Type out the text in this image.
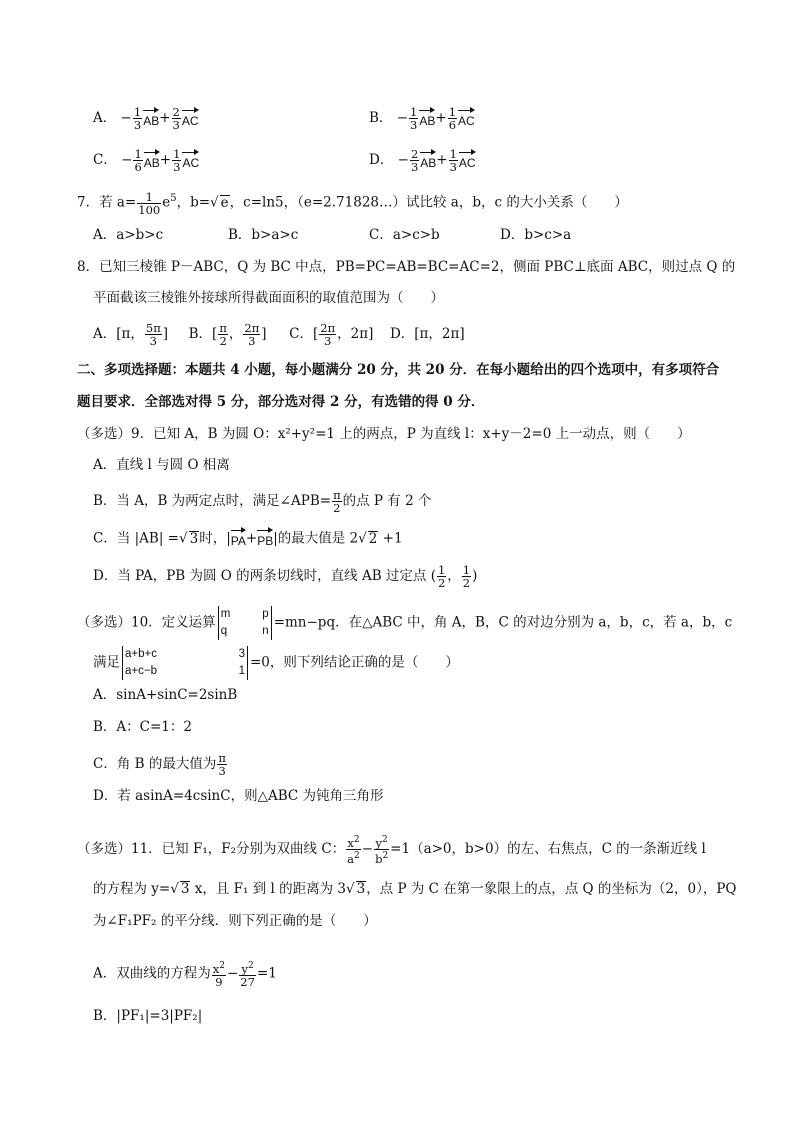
A． − $\frac{1}{3} AB+ \frac{2}{3}$ AC	B． − $\frac{1}{3} AB+ \frac{1}{6}$ AC
C． − $\frac{1}{6} AB+ \frac{1}{3}$ AC	D． − $\frac{2}{3} AB+ \frac{1}{3}$ AC
7．若 $a= \frac{1}{100} e^5$，b=√ e，c=ln5，（e=2.71828…）试比较 a，b，c 的大小关系（　　）
A．a>b>c	B．b>a>c	C．a>c>b	D．b>c>a
8．已知三棱锥 P－ABC，Q 为 BC 中点，PB=PC=AB=BC=AC=2，侧面 PBC⊥底面 ABC，则过点 Q 的
平面截该三棱锥外接球所得截面面积的取值范围为（　　）
A．[π， $\frac{5\pi}{3}$ ] B．[ $\frac{\pi}{2}$ ， $\frac{2\pi}{3}$ ] C．[ $\frac{2\pi}{3}$ ，2π] D．[π，2π]
二、多项选择题：本题共 4 小题，每小题满分 20 分，共 20 分．在每小题给出的四个选项中，有多项符合
题目要求．全部选对得 5 分，部分选对得 2 分，有选错的得 0 分．
（多选）9．已知 A，B 为圆 O：x²+y²=1 上的两点，P 为直线 l：x+y－2=0 上一动点，则（　　）
A．直线 l 与圆 O 相离
B．当 A，B 为两定点时，满足∠APB= $\frac{\pi}{2}$ 的点 P 有 2 个
C．当 |AB| =√ 3时，|PA+PB|的最大值是 2√ 2 +1
D．当 PA，PB 为圆 O 的两条切线时，直线 AB 过定点 ( $\frac{1}{2}$ ， $\frac{1}{2}$ )
（多选）10．定义运算
m	p
q	n
=mn−pq．在△ABC 中，角 A，B，C 的对边分别为 a，b，c，若 a，b，c
满足
a+b+c	3
a+c−b	1
=0，则下列结论正确的是（　　）
A．sinA+sinC=2sinB
B．A：C=1：2
C．角 B 的最大值为 $\frac{\pi}{3}$
D．若 asinA=4csinC，则△ABC 为钝角三角形
（多选）11．已知 F₁，F₂分别为双曲线 C： $\frac{x^2}{a^2} - \frac{y^2}{b^2} =1(a>0$，b>0）的左、右焦点，C 的一条渐近线 l
的方程为 y=√ 3 x，且 F₁ 到 l 的距离为 3√ 3，点 P 为 C 在第一象限上的点，点 Q 的坐标为（2，0），PQ
为∠F₁PF₂ 的平分线．则下列正确的是（　　）
A．双曲线的方程为 $\frac{x^2}{9} - \frac{y^2}{27} =1$
B．|PF₁|=3|PF₂|
